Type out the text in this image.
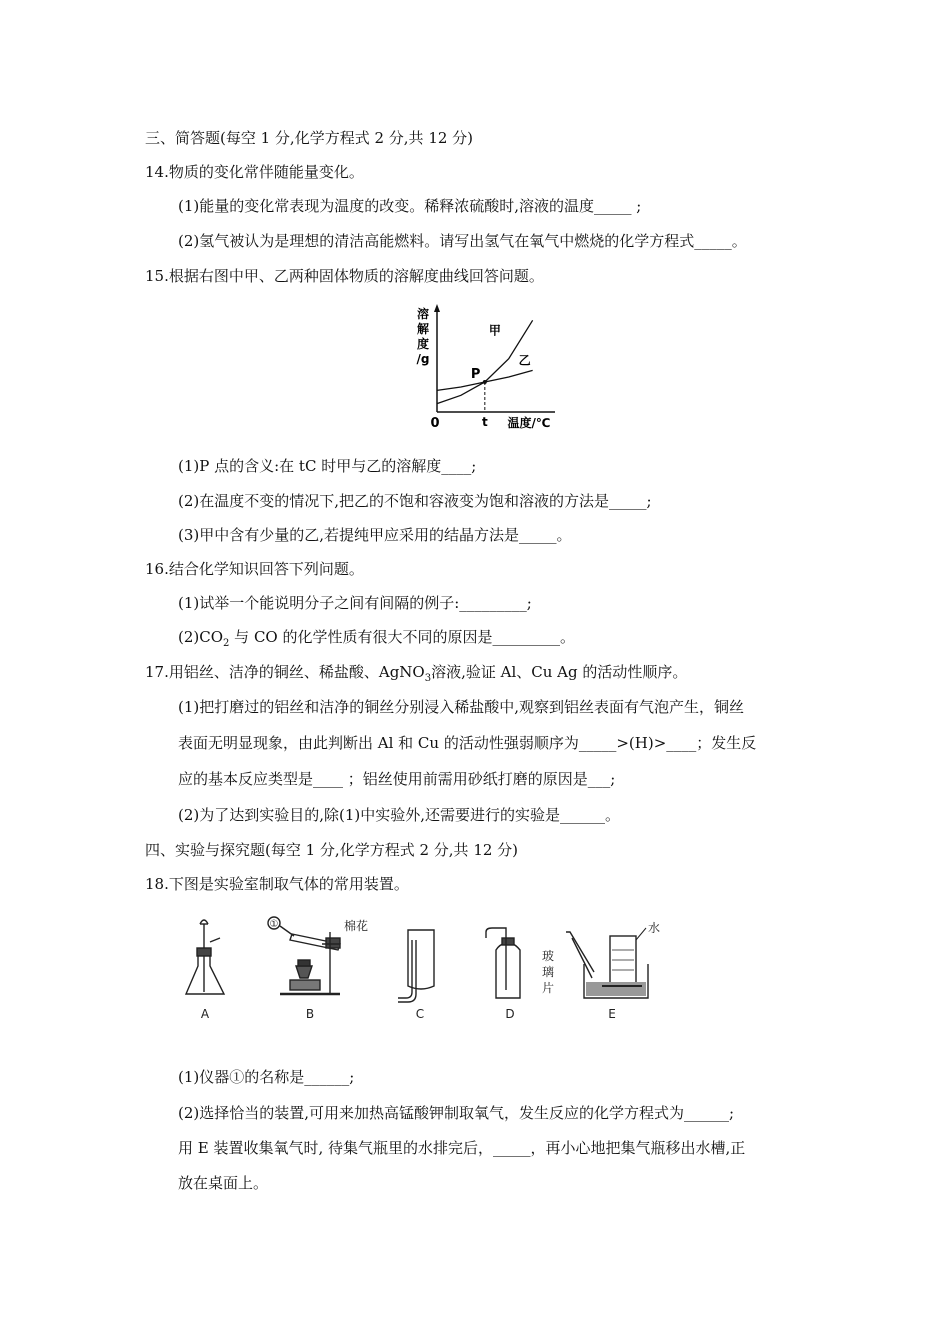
三、简答题(每空 1 分,化学方程式 2 分,共 12 分)
14.物质的变化常伴随能量变化。
(1)能量的变化常表现为温度的改变。稀释浓硫酸时,溶液的温度_____ ;
(2)氢气被认为是理想的清洁高能燃料。请写出氢气在氧气中燃烧的化学方程式_____。
15.根据右图中甲、乙两种固体物质的溶解度曲线回答问题。
溶
解
度
/g
P
甲
乙
0	t 温度/℃
(1)P 点的含义:在 tC 时甲与乙的溶解度____;
(2)在温度不变的情况下,把乙的不饱和容液变为饱和溶液的方法是_____;
(3)甲中含有少量的乙,若提纯甲应采用的结晶方法是_____。
16.结合化学知识回答下列问题。
(1)试举一个能说明分子之间有间隔的例子:_________;
$(2)CO_2$ 与 CO 的化学性质有很大不同的原因是_________。
17.用铝丝、洁净的铜丝、稀盐酸、AgNO$_3$溶液,验证 Al、Cu Ag 的活动性顺序。
(1)把打磨过的铝丝和洁净的铜丝分别浸入稀盐酸中,观察到铝丝表面有气泡产生，铜丝
表面无明显现象，由此判断出 Al 和 Cu 的活动性强弱顺序为_____>(H)>____；发生反
应的基本反应类型是____ ；铝丝使用前需用砂纸打磨的原因是___;
(2)为了达到实验目的,除(1)中实验外,还需要进行的实验是______。
四、实验与探究题(每空 1 分,化学方程式 2 分,共 12 分)
18.下图是实验室制取气体的常用装置。
A
①	棉花
B	C	D
玻
璃
片
水
E
(1)仪器①的名称是______;
(2)选择恰当的装置,可用来加热高锰酸钾制取氧气，发生反应的化学方程式为______;
用 E 装置收集氧气时, 待集气瓶里的水排完后，_____，再小心地把集气瓶移出水槽,正
放在桌面上。
